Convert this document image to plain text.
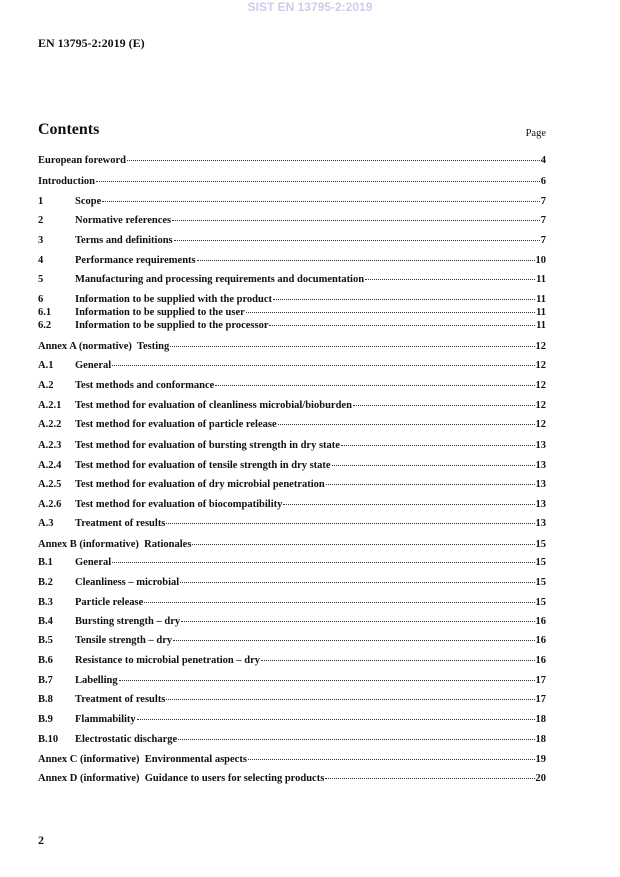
SIST EN 13795-2:2019
EN 13795-2:2019 (E)
Contents	Page
European foreword	4
Introduction	6
1	Scope	7
2	Normative references	7
3	Terms and definitions	7
4	Performance requirements	10
5	Manufacturing and processing requirements and documentation	11
6	Information to be supplied with the product	11
6.1	Information to be supplied to the user	11
6.2	Information to be supplied to the processor	11
Annex A (normative)  Testing	12
A.1	General	12
A.2	Test methods and conformance	12
A.2.1	Test method for evaluation of cleanliness microbial/bioburden	12
A.2.2	Test method for evaluation of particle release	12
A.2.3	Test method for evaluation of bursting strength in dry state	13
A.2.4	Test method for evaluation of tensile strength in dry state	13
A.2.5	Test method for evaluation of dry microbial penetration	13
A.2.6	Test method for evaluation of biocompatibility	13
A.3	Treatment of results	13
Annex B (informative)  Rationales	15
B.1	General	15
B.2	Cleanliness – microbial	15
B.3	Particle release	15
B.4	Bursting strength – dry	16
B.5	Tensile strength – dry	16
B.6	Resistance to microbial penetration – dry	16
B.7	Labelling	17
B.8	Treatment of results	17
B.9	Flammability	18
B.10	Electrostatic discharge	18
Annex C (informative)  Environmental aspects	19
Annex D (informative)  Guidance to users for selecting products	20
2
